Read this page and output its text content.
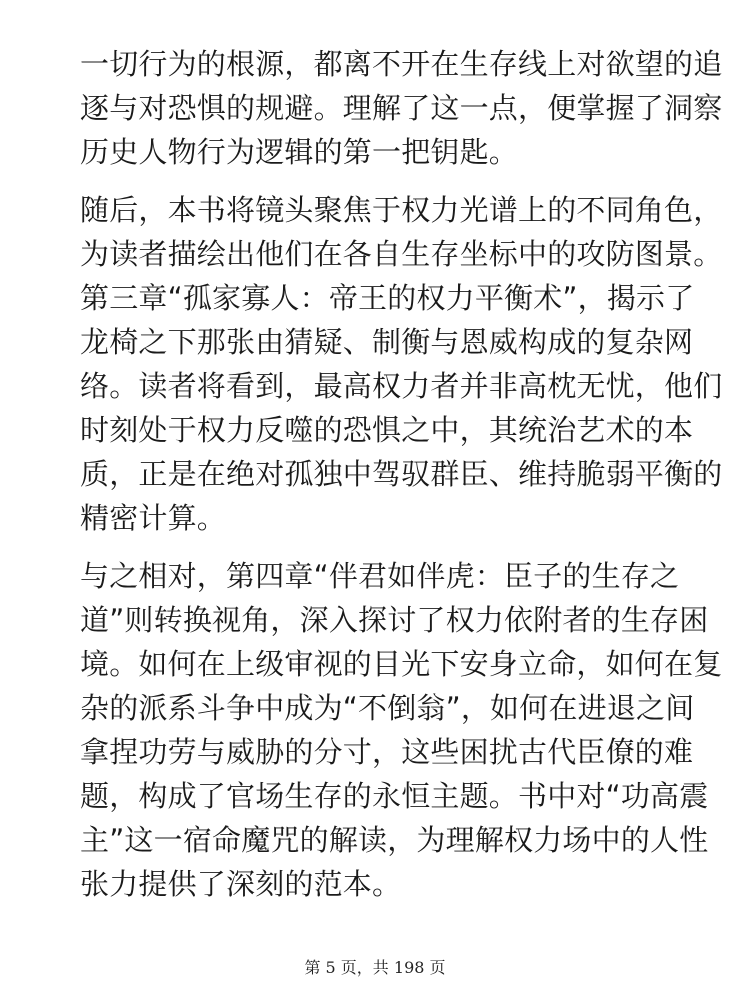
一切行为的根源，都离不开在生存线上对欲望的追
逐与对恐惧的规避。理解了这一点，便掌握了洞察
历史人物行为逻辑的第一把钥匙。
随后，本书将镜头聚焦于权力光谱上的不同角色，
为读者描绘出他们在各自生存坐标中的攻防图景。
第三章“孤家寡人：帝王的权力平衡术”，揭示了
龙椅之下那张由猜疑、制衡与恩威构成的复杂网
络。读者将看到，最高权力者并非高枕无忧，他们
时刻处于权力反噬的恐惧之中，其统治艺术的本
质，正是在绝对孤独中驾驭群臣、维持脆弱平衡的
精密计算。
与之相对，第四章“伴君如伴虎：臣子的生存之
道”则转换视角，深入探讨了权力依附者的生存困
境。如何在上级审视的目光下安身立命，如何在复
杂的派系斗争中成为“不倒翁”，如何在进退之间
拿捏功劳与威胁的分寸，这些困扰古代臣僚的难
题，构成了官场生存的永恒主题。书中对“功高震
主”这一宿命魔咒的解读，为理解权力场中的人性
张力提供了深刻的范本。
第 5 页，共 198 页
